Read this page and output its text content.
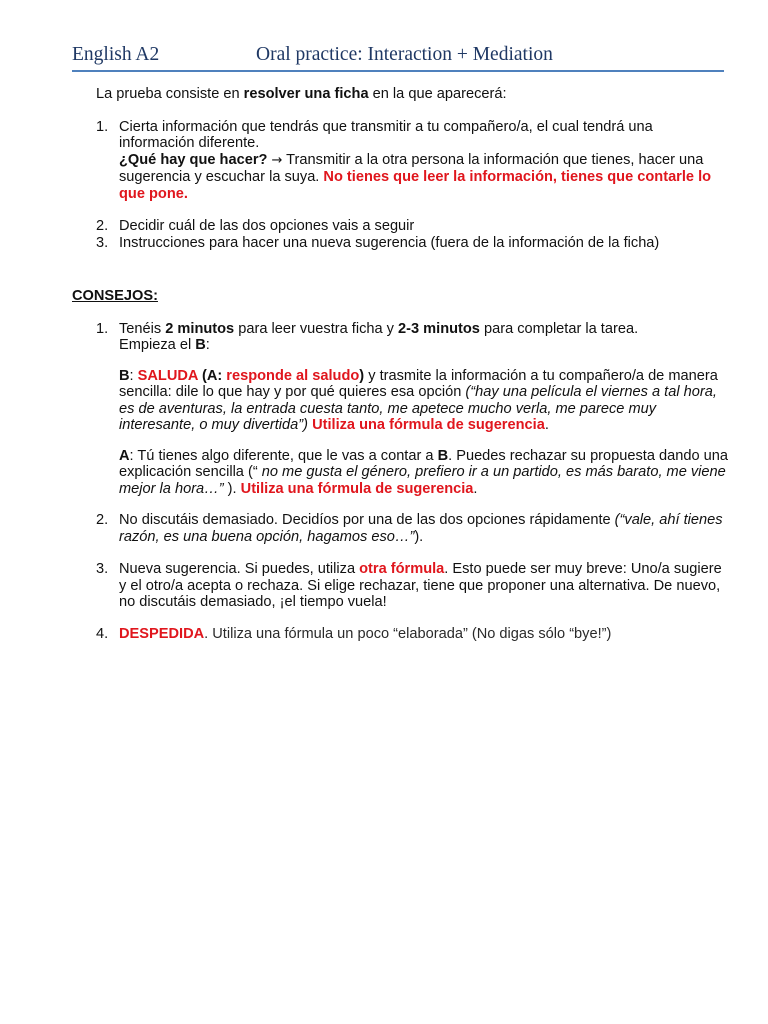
English A2	Oral practice: Interaction + Mediation

La prueba consiste en resolver una ficha en la que aparecerá:

1. Cierta información que tendrás que transmitir a tu compañero/a, el cual tendrá una información diferente.
¿Qué hay que hacer? → Transmitir a la otra persona la información que tienes, hacer una sugerencia y escuchar la suya. No tienes que leer la información, tienes que contarle lo que pone.
2. Decidir cuál de las dos opciones vais a seguir
3. Instrucciones para hacer una nueva sugerencia (fuera de la información de la ficha)

CONSEJOS:

1. Tenéis 2 minutos para leer vuestra ficha y 2-3 minutos para completar la tarea.
Empieza el B:
B: SALUDA (A: responde al saludo) y trasmite la información a tu compañero/a de manera sencilla: dile lo que hay y por qué quieres esa opción (“hay una película el viernes a tal hora, es de aventuras, la entrada cuesta tanto, me apetece mucho verla, me parece muy interesante, o muy divertida”) Utiliza una fórmula de sugerencia.
A: Tú tienes algo diferente, que le vas a contar a B. Puedes rechazar su propuesta dando una explicación sencilla (“ no me gusta el género, prefiero ir a un partido, es más barato, me viene mejor la hora…” ). Utiliza una fórmula de sugerencia.
2. No discutáis demasiado. Decidíos por una de las dos opciones rápidamente (“vale, ahí tienes razón, es una buena opción, hagamos eso…”).
3. Nueva sugerencia. Si puedes, utiliza otra fórmula. Esto puede ser muy breve: Uno/a sugiere y el otro/a acepta o rechaza. Si elige rechazar, tiene que proponer una alternativa. De nuevo, no discutáis demasiado, ¡el tiempo vuela!
4. DESPEDIDA. Utiliza una fórmula un poco “elaborada” (No digas sólo “bye!”)
